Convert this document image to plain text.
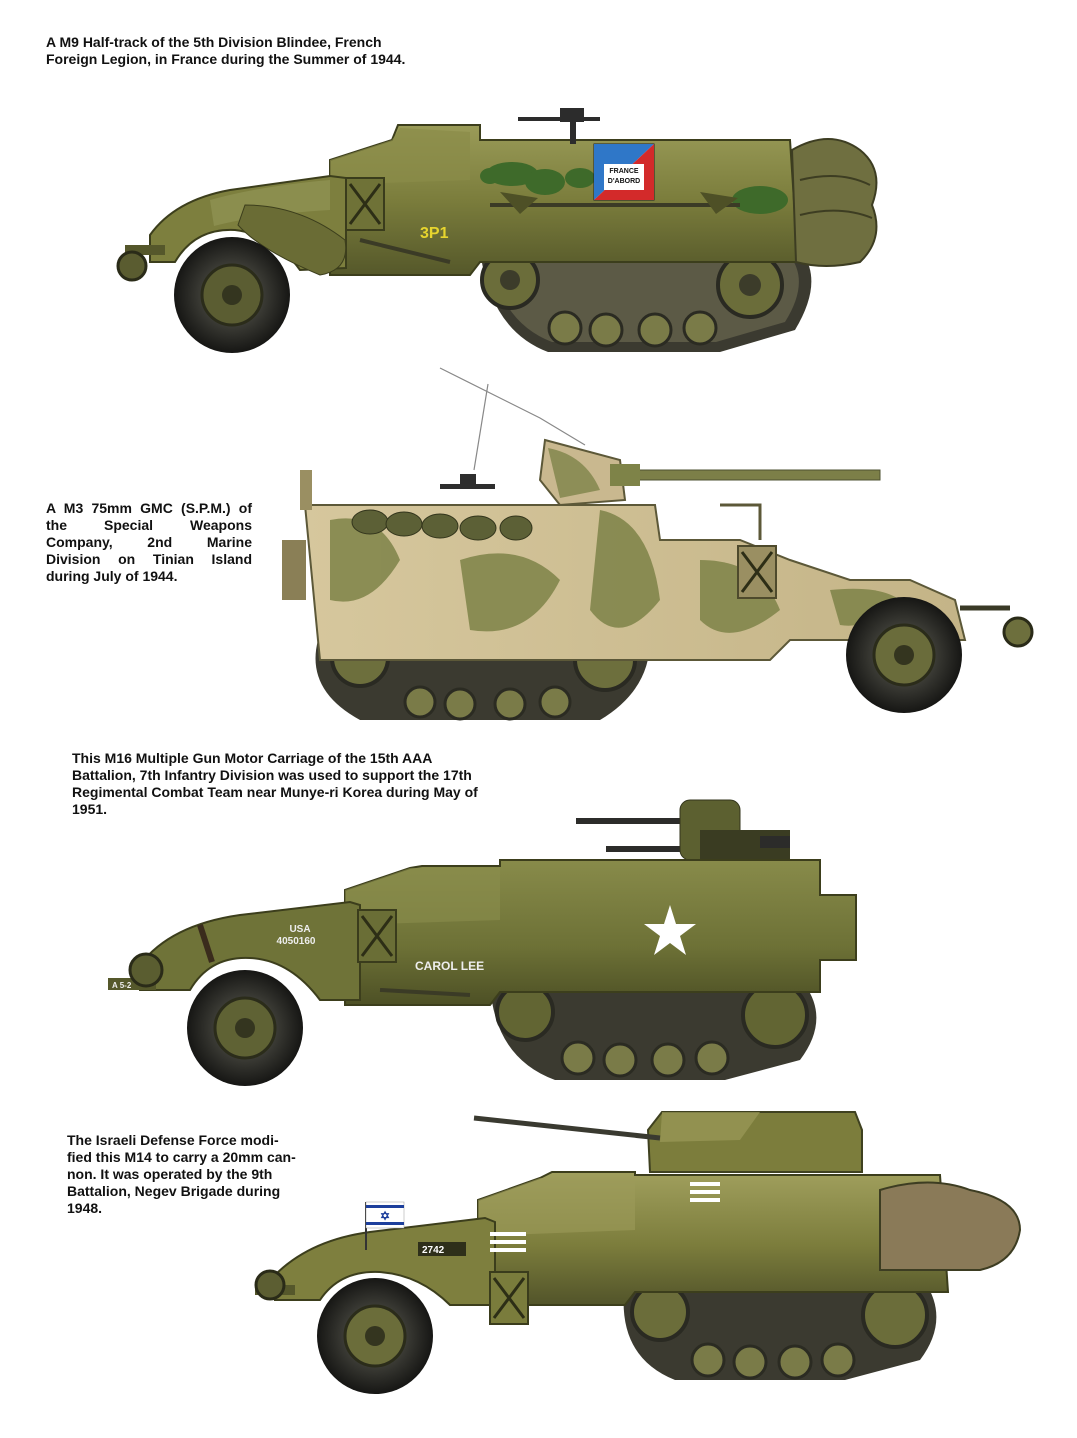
A M9 Half-track of the 5th Division Blindee, French
Foreign Legion, in France during the Summer of 1944.

A M3 75mm GMC (S.P.M.) of
the Special Weapons
Company, 2nd Marine
Division on Tinian Island
during July of 1944.

This M16 Multiple Gun Motor Carriage of the 15th AAA
Battalion, 7th Infantry Division was used to support the 17th
Regimental Combat Team near Munye-ri Korea during May of
1951.

The Israeli Defense Force modi-
fied this M14 to carry a 20mm can-
non. It was operated by the 9th
Battalion, Negev Brigade during
1948.

FRANCE
D'ABORD
3P1
USA
4050160
CAROL LEE
A 5-2
2742
✡
